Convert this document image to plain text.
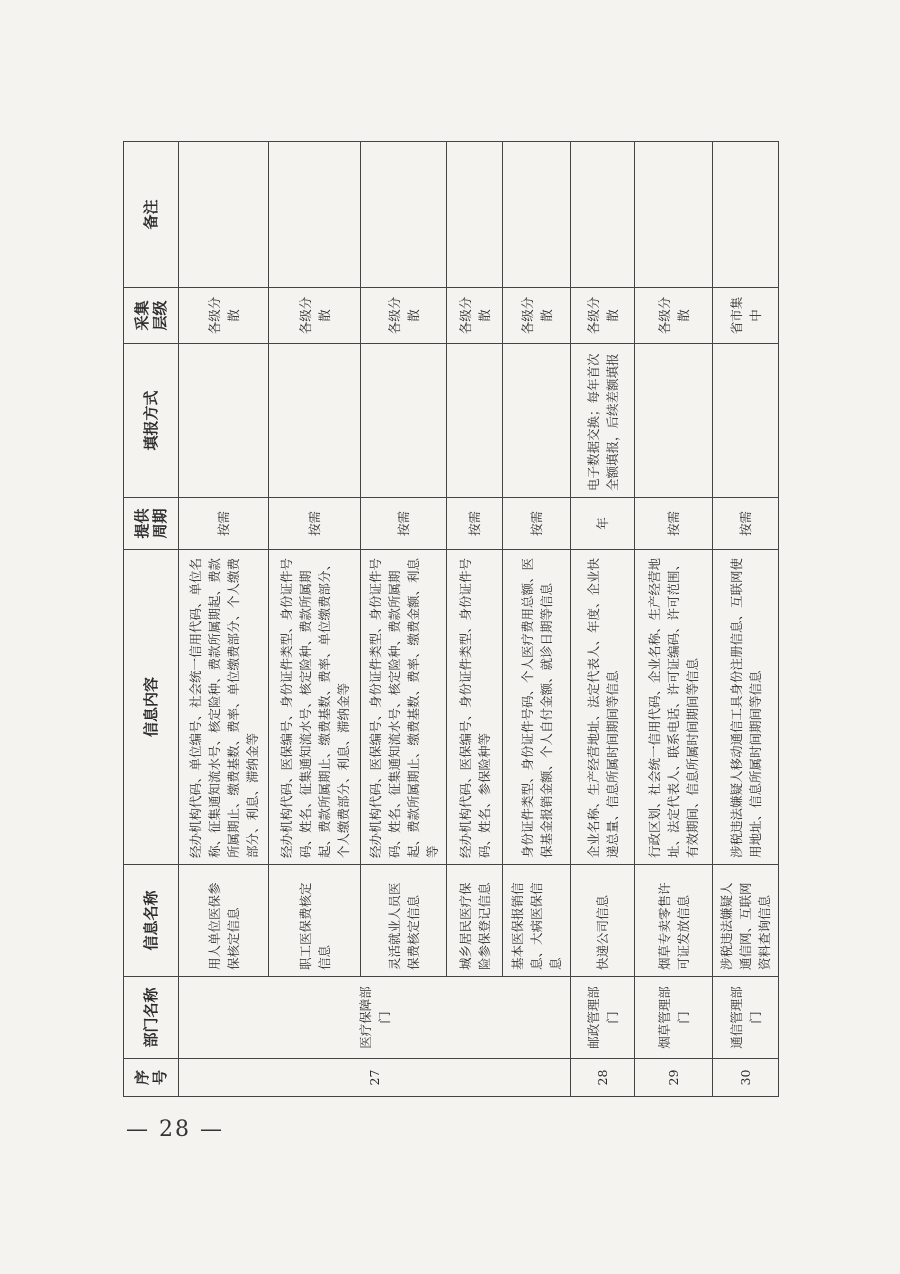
— 28 —
序号	部门名称	信息名称	信息内容	提供周期	填报方式	采集层级	备注
27	医疗保障部门	用人单位医保参保核定信息	经办机构代码、单位编号、社会统一信用代码、单位名称、征集通知流水号、核定险种、费款所属期起、费款所属期止、缴费基数、费率、单位缴费部分、个人缴费部分、利息、滞纳金等	按需		各级分散	
		职工医保费核定信息	经办机构代码、医保编号、身份证件类型、身份证件号码、姓名、征集通知流水号、核定险种、费款所属期起、费款所属期止、缴费基数、费率、单位缴费部分、个人缴费部分、利息、滞纳金等	按需		各级分散	
		灵活就业人员医保费核定信息	经办机构代码、医保编号、身份证件类型、身份证件号码、姓名、征集通知流水号、核定险种、费款所属期起、费款所属期止、缴费基数、费率、缴费金额、利息等	按需		各级分散	
		城乡居民医疗保险参保登记信息	经办机构代码、医保编号、身份证件类型、身份证件号码、姓名、参保险种等	按需		各级分散	
		基本医保报销信息、大病医保信息	身份证件类型、身份证件号码、个人医疗费用总额、医保基金报销金额、个人自付金额、就诊日期等信息	按需		各级分散	
28	邮政管理部门	快递公司信息	企业名称、生产经营地址、法定代表人、年度、企业快递总量、信息所属时间期间等信息	年	电子数据交换；每年首次全额填报，后续差额填报	各级分散	
29	烟草管理部门	烟草专卖零售许可证发放信息	行政区划、社会统一信用代码、企业名称、生产经营地址、法定代表人、联系电话、许可证编码、许可范围、有效期间、信息所属时间期间等信息	按需		各级分散	
30	通信管理部门	涉税违法嫌疑人通信网、互联网资料查询信息	涉税违法嫌疑人移动通信工具身份注册信息、互联网使用地址、信息所属时间期间等信息	按需		省市集中	
